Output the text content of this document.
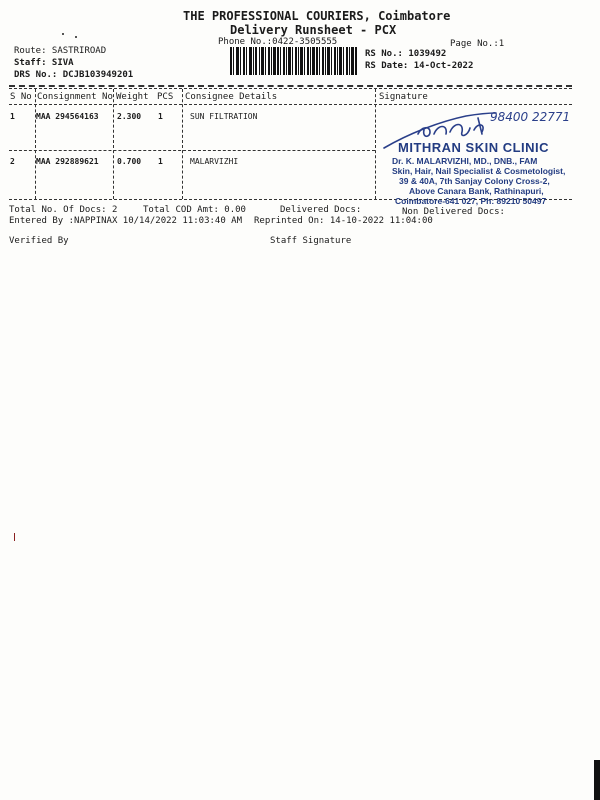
THE PROFESSIONAL COURIERS, Coimbatore
Delivery Runsheet - PCX
Phone No.:0422-3505555	Page No.:1
Route: SASTRIROAD
Staff: SIVA
DRS No.: DCJB103949201
RS No.: 1039492
RS Date: 14-Oct-2022
S No Consignment No Weight PCS Consignee Details	Signature
1	MAA 294564163 2.300 1	SUN FILTRATION
2	MAA 292889621 0.700 1	MALARVIZHI
98400 22771
MITHRAN SKIN CLINIC
Dr. K. MALARVIZHI, MD., DNB., FAM
Skin, Hair, Nail Specialist & Cosmetologist,
39 & 40A, 7th Sanjay Colony Cross-2,
Above Canara Bank, Rathinapuri,
Coimbatore-641 027, Ph: 89210 50497
Total No. Of Docs: 2	Total COD Amt: 0.00	Delivered Docs:	Non Delivered Docs:
Entered By :NAPPINAX 10/14/2022 11:03:40 AM Reprinted On: 14-10-2022 11:04:00
Verified By	Staff Signature
